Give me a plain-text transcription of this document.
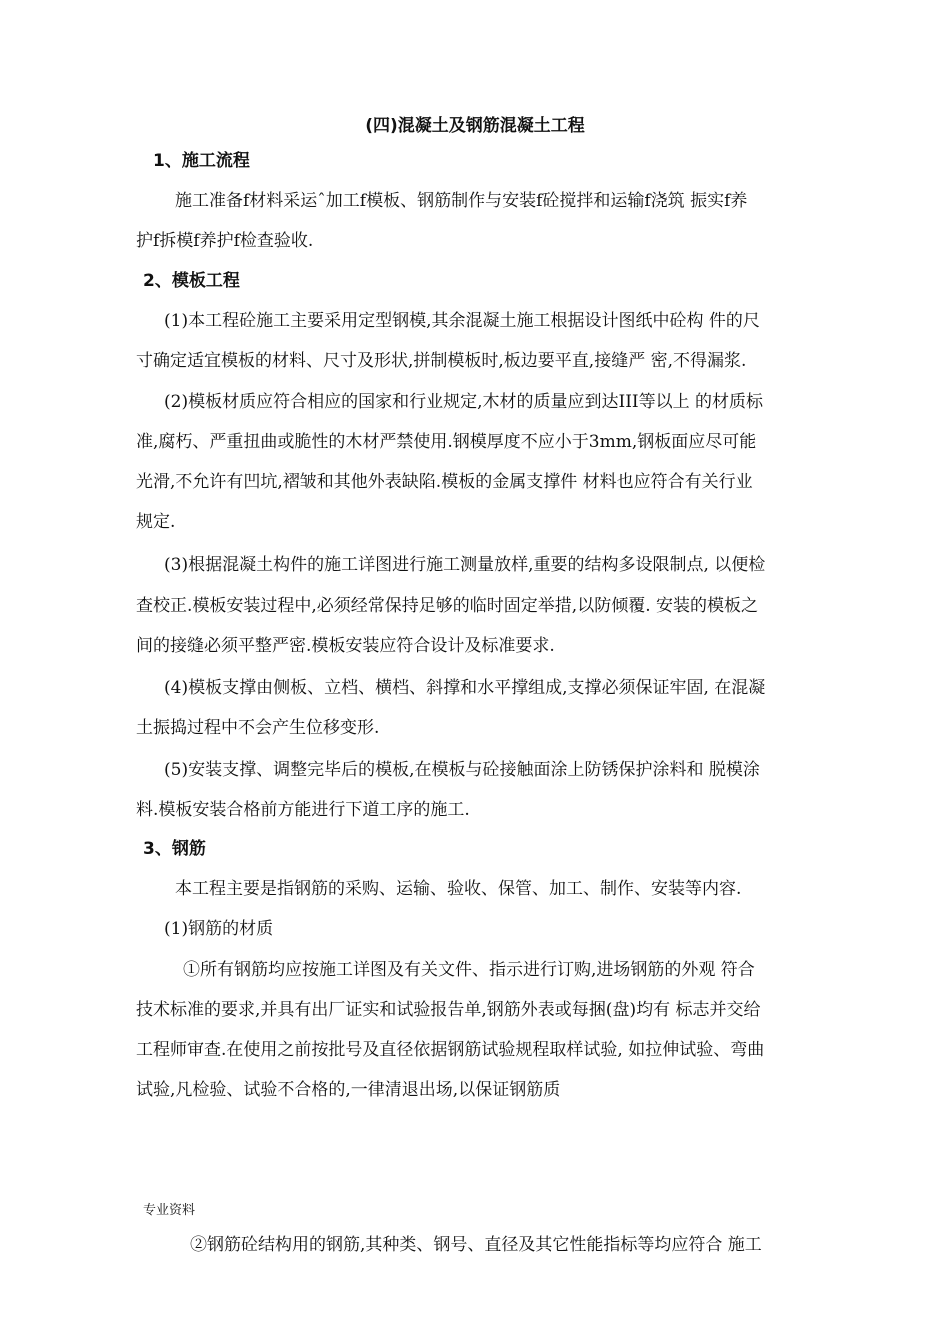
(四)混凝土及钢筋混凝土工程
1、施工流程
施工准备f材料采运ˆ加工f模板、钢筋制作与安装f砼搅拌和运输f浇筑 振实f养
护f拆模f养护f检查验收.
2、模板工程
(1)本工程砼施工主要采用定型钢模,其余混凝土施工根据设计图纸中砼构 件的尺
寸确定适宜模板的材料、尺寸及形状,拼制模板时,板边要平直,接缝严 密,不得漏浆.
(2)模板材质应符合相应的国家和行业规定,木材的质量应到达III等以上 的材质标
准,腐朽、严重扭曲或脆性的木材严禁使用.钢模厚度不应小于3mm,钢板面应尽可能
光滑,不允许有凹坑,褶皱和其他外表缺陷.模板的金属支撑件 材料也应符合有关行业
规定.
(3)根据混凝土构件的施工详图进行施工测量放样,重要的结构多设限制点, 以便检
查校正.模板安装过程中,必须经常保持足够的临时固定举措,以防倾覆. 安装的模板之
间的接缝必须平整严密.模板安装应符合设计及标准要求.
(4)模板支撑由侧板、立档、横档、斜撑和水平撑组成,支撑必须保证牢固, 在混凝
土振捣过程中不会产生位移变形.
(5)安装支撑、调整完毕后的模板,在模板与砼接触面涂上防锈保护涂料和 脱模涂
料.模板安装合格前方能进行下道工序的施工.
3、钢筋
本工程主要是指钢筋的采购、运输、验收、保管、加工、制作、安装等内容.
(1)钢筋的材质
①所有钢筋均应按施工详图及有关文件、指示进行订购,进场钢筋的外观 符合
技术标准的要求,并具有出厂证实和试验报告单,钢筋外表或每捆(盘)均有 标志并交给
工程师审查.在使用之前按批号及直径依据钢筋试验规程取样试验, 如拉伸试验、弯曲
试验,凡检验、试验不合格的,一律清退出场,以保证钢筋质
专业资料
②钢筋砼结构用的钢筋,其种类、钢号、直径及其它性能指标等均应符合 施工
